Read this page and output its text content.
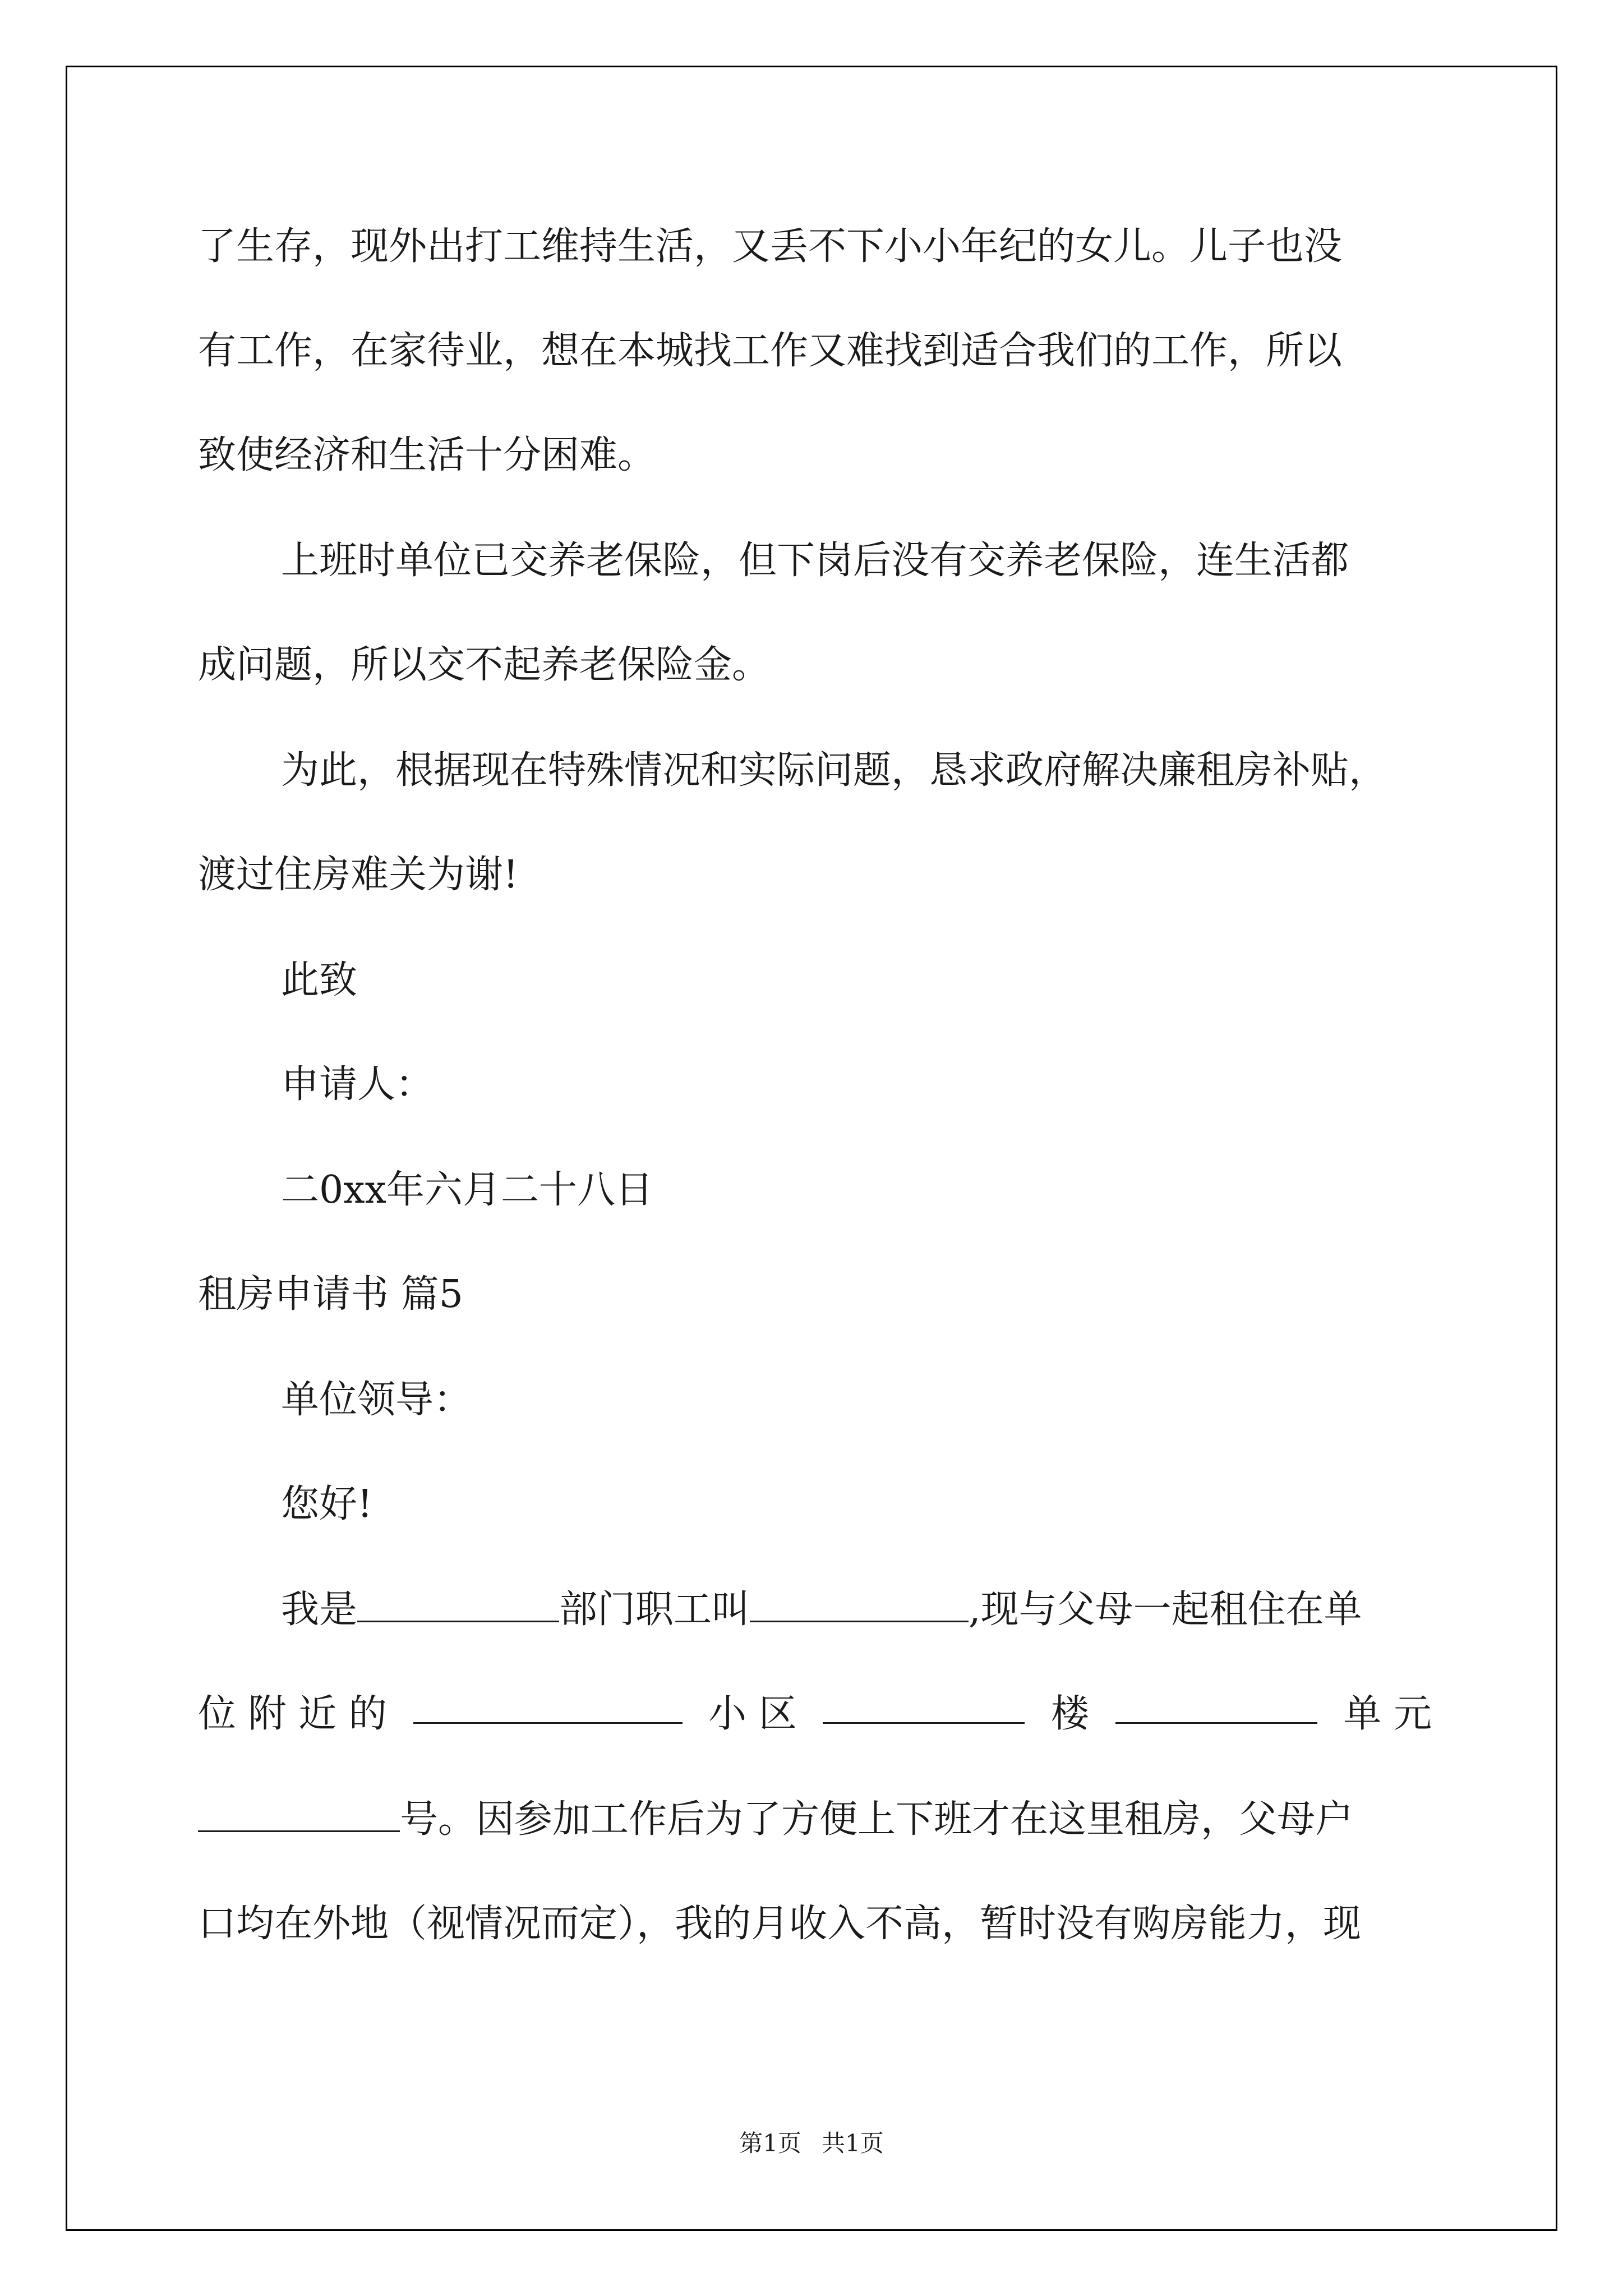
了生存，现外出打工维持生活，又丢不下小小年纪的女儿。儿子也没
有工作，在家待业，想在本城找工作又难找到适合我们的工作，所以
致使经济和生活十分困难。
上班时单位已交养老保险，但下岗后没有交养老保险，连生活都
成问题，所以交不起养老保险金。
为此，根据现在特殊情况和实际问题，恳求政府解决廉租房补贴，
渡过住房难关为谢!
此致
申请人：
二0xx年六月二十八日
租房申请书 篇5
单位领导：
您好!
我是	部门职工叫	,现与父母一起租住在单
位 附 近 的	小 区	楼	单 元
号。因参加工作后为了方便上下班才在这里租房，父母户
口均在外地（视情况而定），我的月收入不高，暂时没有购房能力，现
第1页 共1页
